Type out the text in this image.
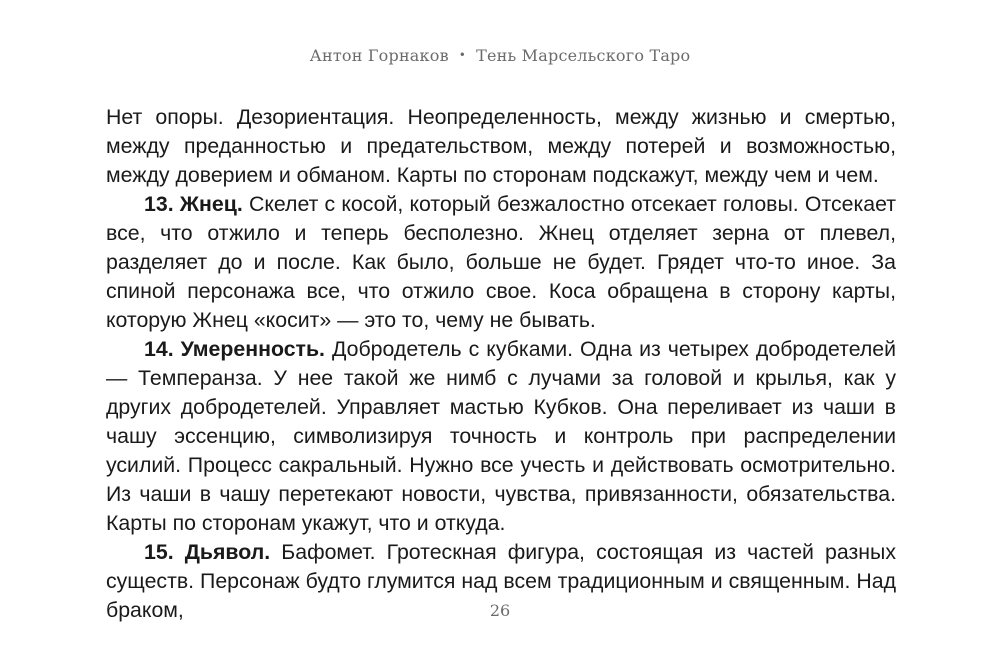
Антон Горнаков • Тень Марсельского Таро

Нет опоры. Дезориентация. Неопределенность, между жизнью и смертью, между преданностью и предательством, между потерей и возможностью, между доверием и обманом. Карты по сторонам подскажут, между чем и чем.

13. Жнец. Скелет с косой, который безжалостно отсекает головы. Отсекает все, что отжило и теперь бесполезно. Жнец отделяет зерна от плевел, разделяет до и после. Как было, больше не будет. Грядет что-то иное. За спиной персонажа все, что отжило свое. Коса обращена в сторону карты, которую Жнец «косит» — это то, чему не бывать.

14. Умеренность. Добродетель с кубками. Одна из четырех добродетелей — Темперанза. У нее такой же нимб с лучами за головой и крылья, как у других добродетелей. Управляет мастью Кубков. Она переливает из чаши в чашу эссенцию, символизируя точность и контроль при распределении усилий. Процесс сакральный. Нужно все учесть и действовать осмотрительно. Из чаши в чашу перетекают новости, чувства, привязанности, обязательства. Карты по сторонам укажут, что и откуда.

15. Дьявол. Бафомет. Гротескная фигура, состоящая из частей разных существ. Персонаж будто глумится над всем традиционным и священным. Над браком,	26
